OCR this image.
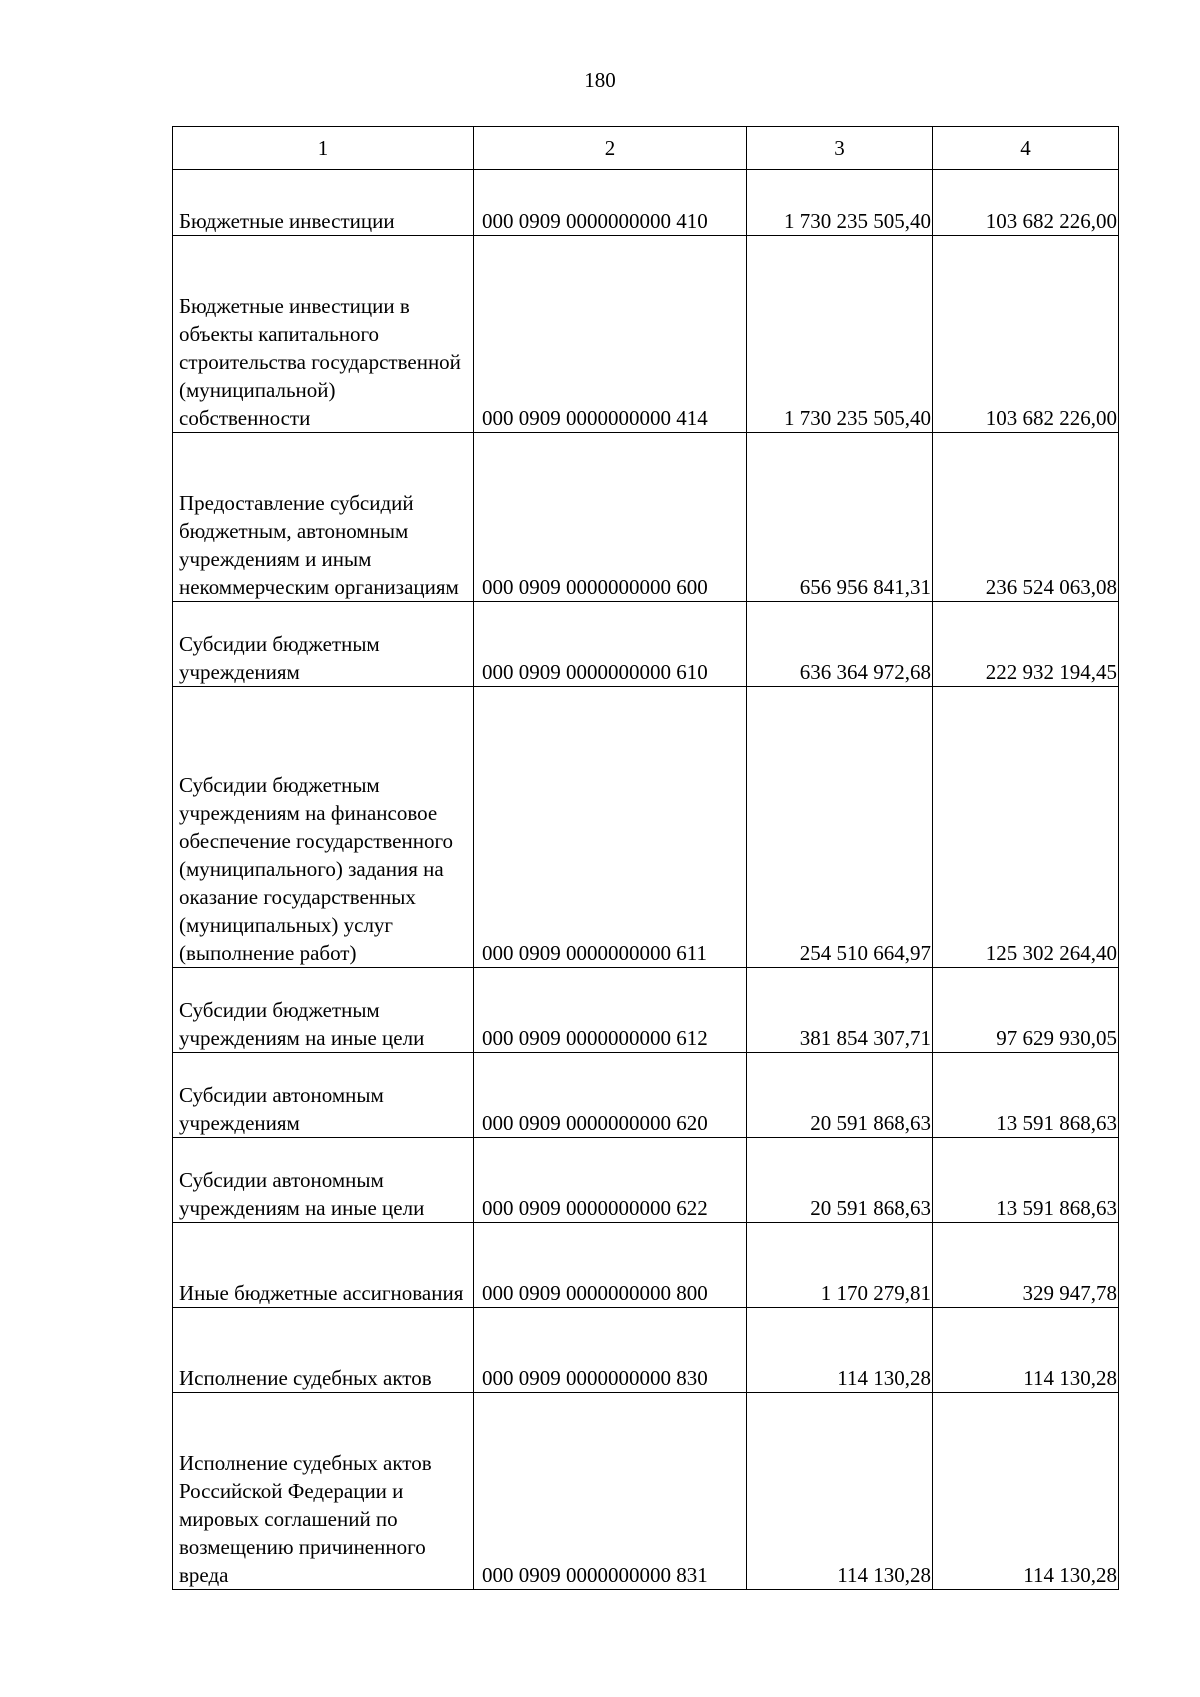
180
1	2	3	4
Бюджетные инвестиции	000 0909 0000000000 410	1 730 235 505,40	103 682 226,00
Бюджетные инвестиции в объекты капитального строительства государственной (муниципальной) собственности	000 0909 0000000000 414	1 730 235 505,40	103 682 226,00
Предоставление субсидий бюджетным, автономным учреждениям и иным некоммерческим организациям	000 0909 0000000000 600	656 956 841,31	236 524 063,08
Субсидии бюджетным учреждениям	000 0909 0000000000 610	636 364 972,68	222 932 194,45
Субсидии бюджетным учреждениям на финансовое обеспечение государственного (муниципального) задания на оказание государственных (муниципальных) услуг (выполнение работ)	000 0909 0000000000 611	254 510 664,97	125 302 264,40
Субсидии бюджетным учреждениям на иные цели	000 0909 0000000000 612	381 854 307,71	97 629 930,05
Субсидии автономным учреждениям	000 0909 0000000000 620	20 591 868,63	13 591 868,63
Субсидии автономным учреждениям на иные цели	000 0909 0000000000 622	20 591 868,63	13 591 868,63
Иные бюджетные ассигнования	000 0909 0000000000 800	1 170 279,81	329 947,78
Исполнение судебных актов	000 0909 0000000000 830	114 130,28	114 130,28
Исполнение судебных актов Российской Федерации и мировых соглашений по возмещению причиненного вреда	000 0909 0000000000 831	114 130,28	114 130,28
